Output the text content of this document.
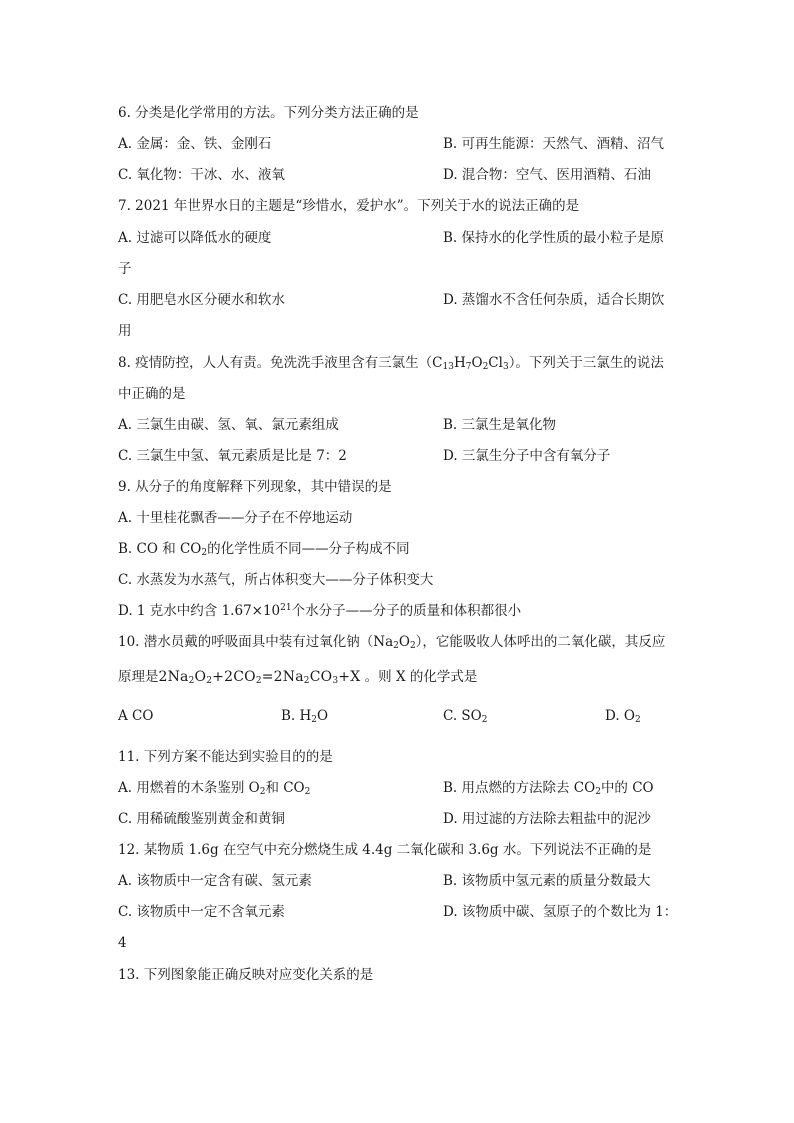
6. 分类是化学常用的方法。下列分类方法正确的是
A. 金属：金、铁、金刚石	B. 可再生能源：天然气、酒精、沼气
C. 氧化物：干冰、水、液氧	D. 混合物：空气、医用酒精、石油
7. 2021 年世界水日的主题是“珍惜水，爱护水”。下列关于水的说法正确的是
A. 过滤可以降低水的硬度	B. 保持水的化学性质的最小粒子是原
子
C. 用肥皂水区分硬水和软水	D. 蒸馏水不含任何杂质，适合长期饮
用
8. 疫情防控，人人有责。免洗洗手液里含有三氯生$(C_{13}H_7O_2Cl_3)$。下列关于三氯生的说法
中正确的是
A. 三氯生由碳、氢、氧、氯元素组成	B. 三氯生是氧化物
C. 三氯生中氢、氧元素质是比是 7：2	D. 三氯生分子中含有氧分子
9. 从分子的角度解释下列现象，其中错误的是
A. 十里桂花飘香——分子在不停地运动
B. CO 和 $CO_2$的化学性质不同——分子构成不同
C. 水蒸发为水蒸气，所占体积变大——分子体积变大
D. 1 克水中约含 $1.67\times 10^{21}$个水分子——分子的质量和体积都很小
10. 潜水员戴的呼吸面具中装有过氧化钠$(Na_2O_2)$，它能吸收人体呼出的二氧化碳，其反应
原理是$2Na_2O_2+2CO_2=2Na_2CO_3+X$ 。则 X 的化学式是
A CO	B. $H_2O$	C. $SO_2$	D. $O_2$
11. 下列方案不能达到实验目的的是
A. 用燃着的木条鉴别 $O_2$和 $CO_2$	B. 用点燃的方法除去 $CO_2$中的 CO
C. 用稀硫酸鉴别黄金和黄铜	D. 用过滤的方法除去粗盐中的泥沙
12. 某物质 1.6g 在空气中充分燃烧生成 4.4g 二氧化碳和 3.6g 水。下列说法不正确的是
A. 该物质中一定含有碳、氢元素	B. 该物质中氢元素的质量分数最大
C. 该物质中一定不含氧元素	D. 该物质中碳、氢原子的个数比为 1：
4
13. 下列图象能正确反映对应变化关系的是
